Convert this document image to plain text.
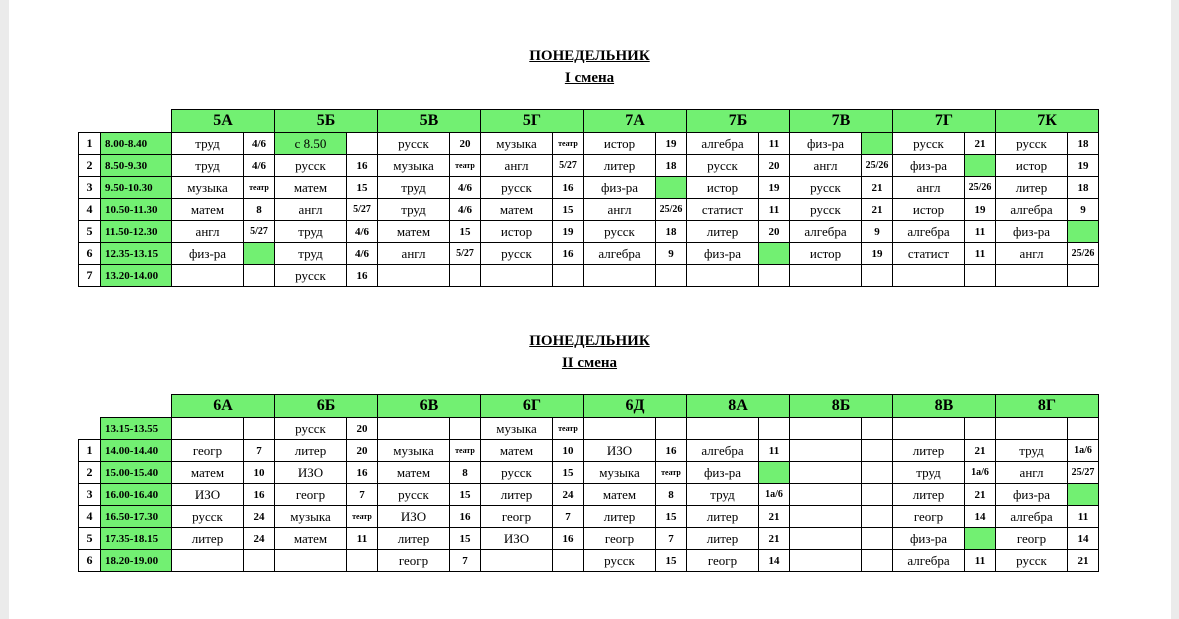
ПОНЕДЕЛЬНИК
I смена
		5А		5Б		5В		5Г		7А		7Б		7В		7Г		7К	
1	8.00-8.40	труд	4/6	с 8.50		русск	20	музыка	театр	истор	19	алгебра	11	физ-ра		русск	21	русск	18
2	8.50-9.30	труд	4/6	русск	16	музыка	театр	англ	5/27	литер	18	русск	20	англ	25/26	физ-ра		истор	19
3	9.50-10.30	музыка	театр	матем	15	труд	4/6	русск	16	физ-ра		истор	19	русск	21	англ	25/26	литер	18
4	10.50-11.30	матем	8	англ	5/27	труд	4/6	матем	15	англ	25/26	статист	11	русск	21	истор	19	алгебра	9
5	11.50-12.30	англ	5/27	труд	4/6	матем	15	истор	19	русск	18	литер	20	алгебра	9	алгебра	11	физ-ра	
6	12.35-13.15	физ-ра		труд	4/6	англ	5/27	русск	16	алгебра	9	физ-ра		истор	19	статист	11	англ	25/26
7	13.20-14.00			русск	16														
ПОНЕДЕЛЬНИК
II смена
		6А		6Б		6В		6Г		6Д		8А		8Б		8В		8Г	
	13.15-13.55			русск	20			музыка	театр										
1	14.00-14.40	геогр	7	литер	20	музыка	театр	матем	10	ИЗО	16	алгебра	11			литер	21	труд	1а/6
2	15.00-15.40	матем	10	ИЗО	16	матем	8	русск	15	музыка	театр	физ-ра				труд	1а/6	англ	25/27
3	16.00-16.40	ИЗО	16	геогр	7	русск	15	литер	24	матем	8	труд	1а/6			литер	21	физ-ра	
4	16.50-17.30	русск	24	музыка	театр	ИЗО	16	геогр	7	литер	15	литер	21			геогр	14	алгебра	11
5	17.35-18.15	литер	24	матем	11	литер	15	ИЗО	16	геогр	7	литер	21			физ-ра		геогр	14
6	18.20-19.00					геогр	7			русск	15	геогр	14			алгебра	11	русск	21
